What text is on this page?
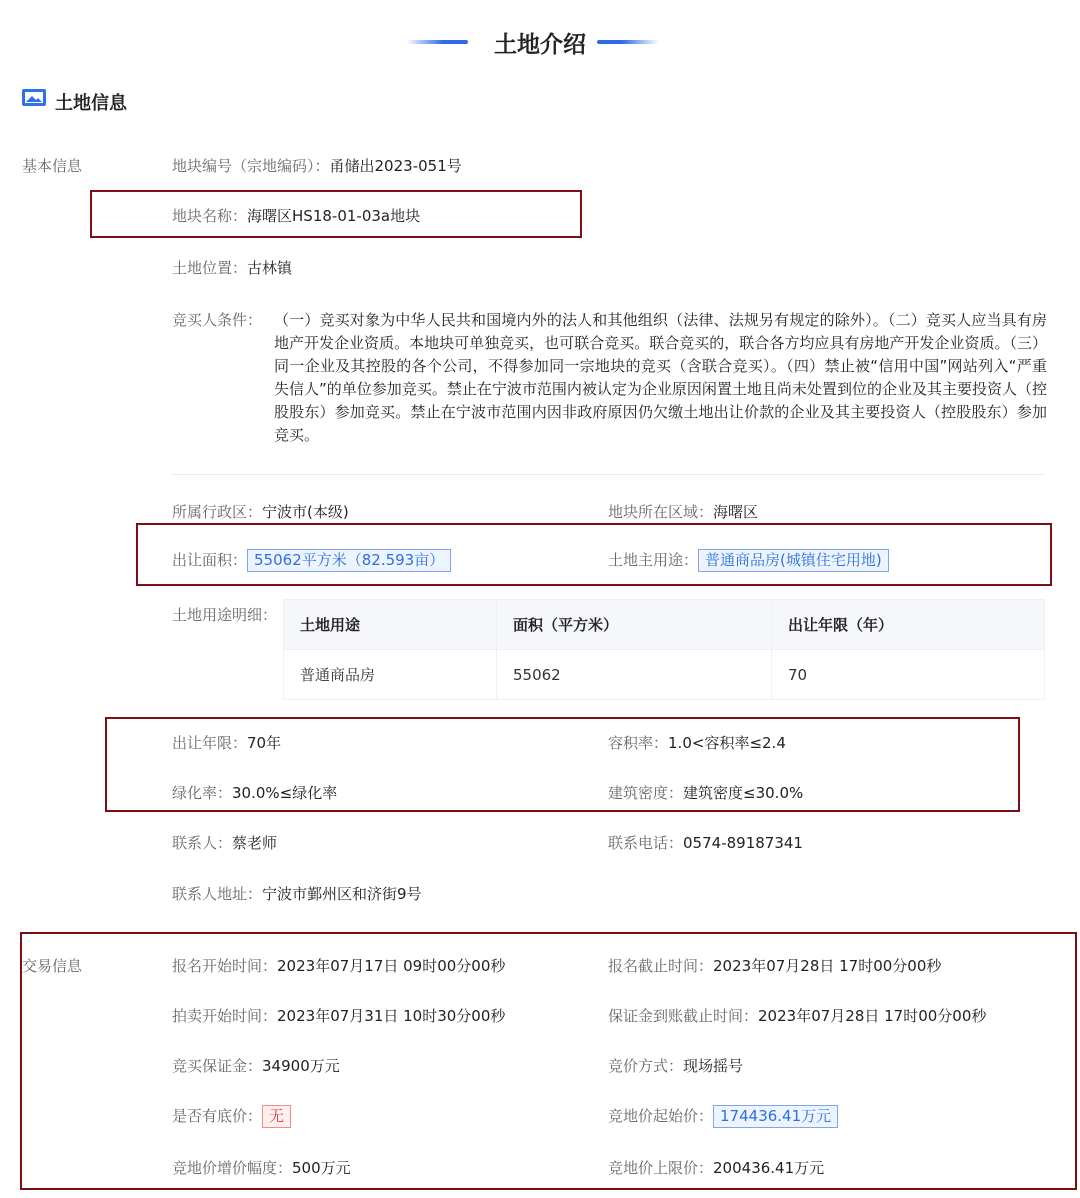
土地介绍
土地信息
基本信息	地块编号（宗地编码）：甬储出2023-051号
地块名称：海曙区HS18-01-03a地块
土地位置：古林镇
竞买人条件： （一）竞买对象为中华人民共和国境内外的法人和其他组织（法律、法规另有规定的除外）。（二）竞买人应当具有房地产开发企业资质。本地块可单独竞买，也可联合竞买。联合竞买的，联合各方均应具有房地产开发企业资质。（三）同一企业及其控股的各个公司，不得参加同一宗地块的竞买（含联合竞买）。（四）禁止被“信用中国”网站列入“严重失信人”的单位参加竞买。禁止在宁波市范围内被认定为企业原因闲置土地且尚未处置到位的企业及其主要投资人（控股股东）参加竞买。禁止在宁波市范围内因非政府原因仍欠缴土地出让价款的企业及其主要投资人（控股股东）参加竞买。
所属行政区：宁波市(本级)	地块所在区域：海曙区
出让面积： 55062平方米（82.593亩）	土地主用途： 普通商品房(城镇住宅用地)
土地用途明细：
土地用途	面积（平方米）	出让年限（年）
普通商品房	55062	70
出让年限：70年	容积率：1.0<容积率≤2.4
绿化率：30.0%≤绿化率	建筑密度：建筑密度≤30.0%
联系人：蔡老师	联系电话：0574-89187341
联系人地址：宁波市鄞州区和济街9号
交易信息	报名开始时间：2023年07月17日 09时00分00秒	报名截止时间：2023年07月28日 17时00分00秒
拍卖开始时间：2023年07月31日 10时30分00秒	保证金到账截止时间：2023年07月28日 17时00分00秒
竞买保证金：34900万元	竞价方式：现场摇号
是否有底价： 无	竞地价起始价： 174436.41万元
竞地价增价幅度：500万元	竞地价上限价：200436.41万元
